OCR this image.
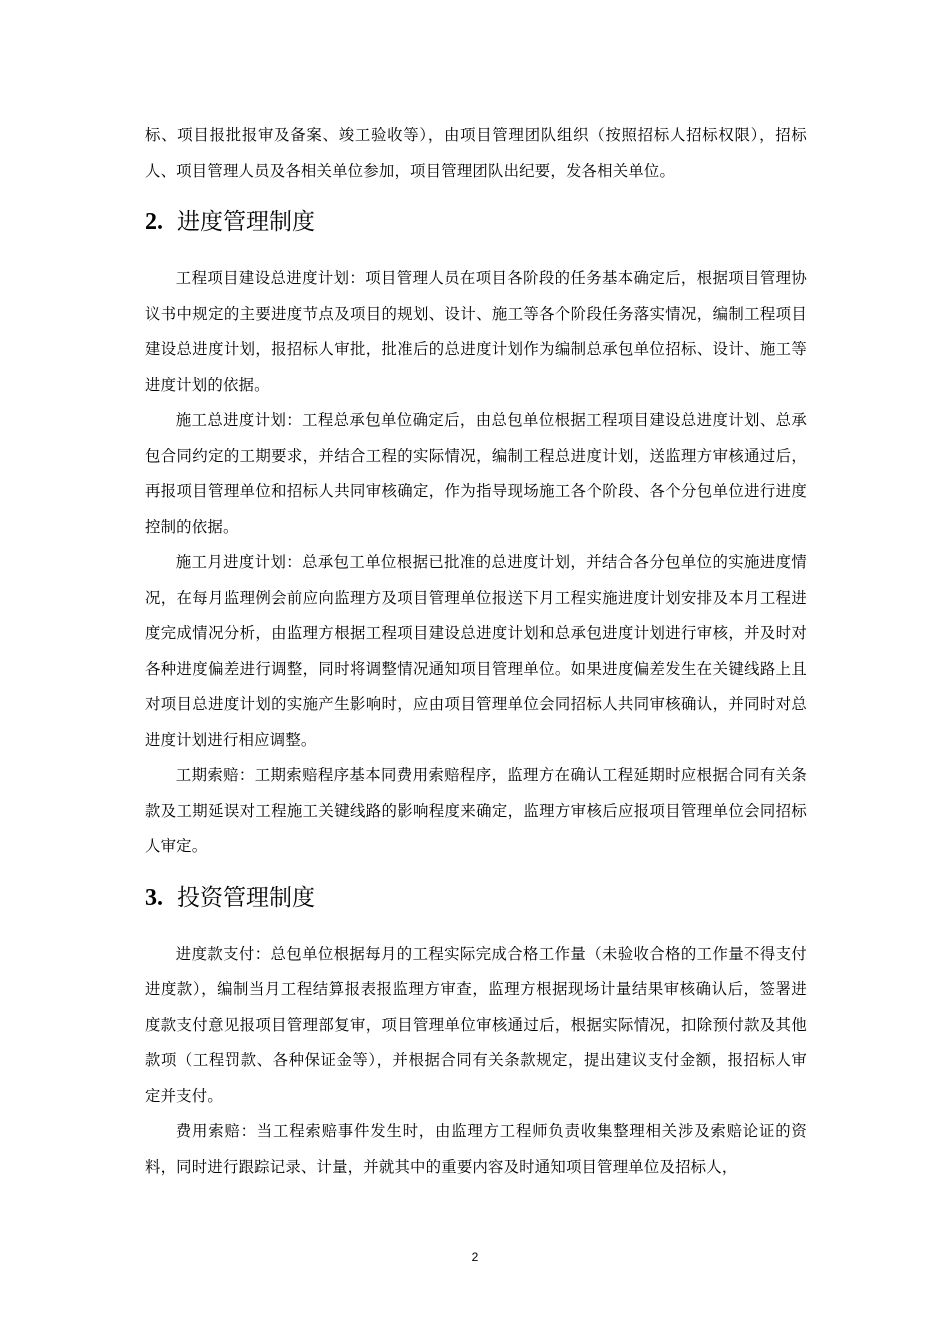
标、项目报批报审及备案、竣工验收等），由项目管理团队组织（按照招标人招标权限），招标人、项目管理人员及各相关单位参加，项目管理团队出纪要，发各相关单位。

2. 进度管理制度

工程项目建设总进度计划：项目管理人员在项目各阶段的任务基本确定后，根据项目管理协议书中规定的主要进度节点及项目的规划、设计、施工等各个阶段任务落实情况，编制工程项目建设总进度计划，报招标人审批，批准后的总进度计划作为编制总承包单位招标、设计、施工等进度计划的依据。

施工总进度计划：工程总承包单位确定后，由总包单位根据工程项目建设总进度计划、总承包合同约定的工期要求，并结合工程的实际情况，编制工程总进度计划，送监理方审核通过后，再报项目管理单位和招标人共同审核确定，作为指导现场施工各个阶段、各个分包单位进行进度控制的依据。

施工月进度计划：总承包工单位根据已批准的总进度计划，并结合各分包单位的实施进度情况，在每月监理例会前应向监理方及项目管理单位报送下月工程实施进度计划安排及本月工程进度完成情况分析，由监理方根据工程项目建设总进度计划和总承包进度计划进行审核，并及时对各种进度偏差进行调整，同时将调整情况通知项目管理单位。如果进度偏差发生在关键线路上且对项目总进度计划的实施产生影响时，应由项目管理单位会同招标人共同审核确认，并同时对总进度计划进行相应调整。

工期索赔：工期索赔程序基本同费用索赔程序，监理方在确认工程延期时应根据合同有关条款及工期延误对工程施工关键线路的影响程度来确定，监理方审核后应报项目管理单位会同招标人审定。

3. 投资管理制度

进度款支付：总包单位根据每月的工程实际完成合格工作量（未验收合格的工作量不得支付进度款），编制当月工程结算报表报监理方审查，监理方根据现场计量结果审核确认后，签署进度款支付意见报项目管理部复审，项目管理单位审核通过后，根据实际情况，扣除预付款及其他款项（工程罚款、各种保证金等），并根据合同有关条款规定，提出建议支付金额，报招标人审定并支付。

费用索赔：当工程索赔事件发生时，由监理方工程师负责收集整理相关涉及索赔论证的资料，同时进行跟踪记录、计量，并就其中的重要内容及时通知项目管理单位及招标人，

2
